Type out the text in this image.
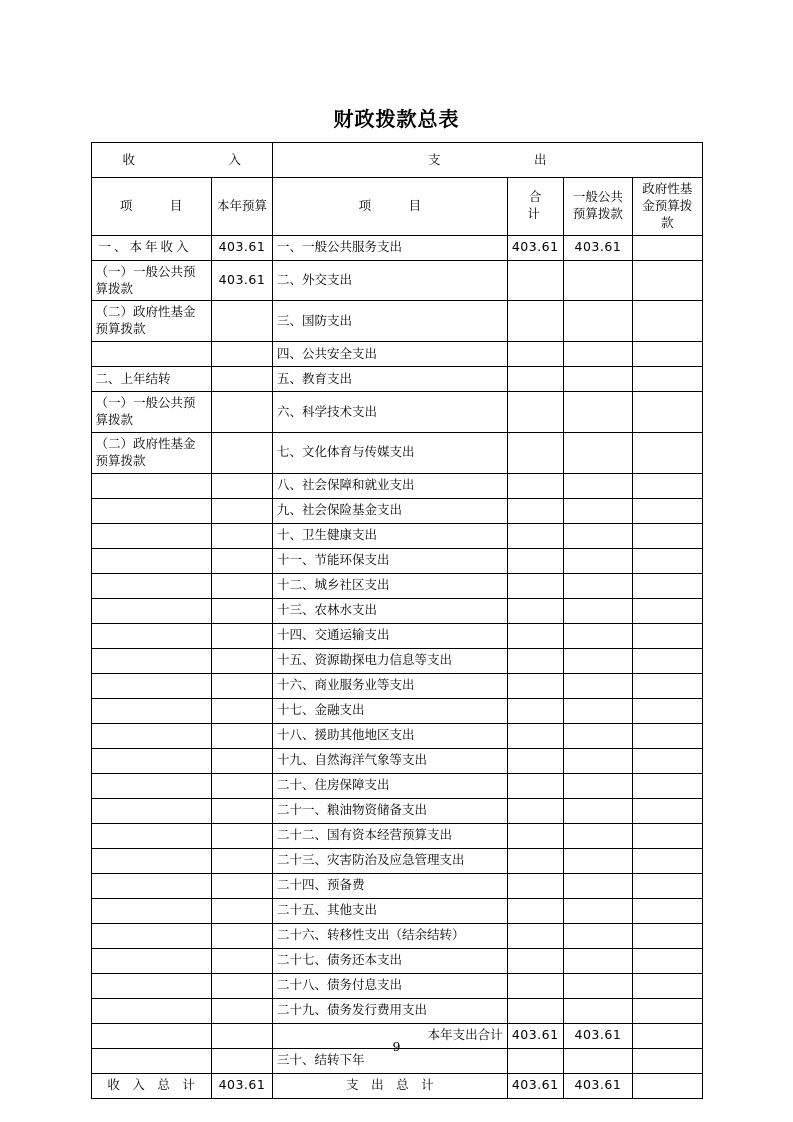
财政拨款总表
收　　　入		支　　　出			
项　　　目	本年预算	项　　　目	合　计	一般公共预算拨款	政府性基金预算拨款
一、本年收入	403.61	一、一般公共服务支出	403.61	403.61	
（一）一般公共预算拨款	403.61	二、外交支出			
（二）政府性基金预算拨款		三、国防支出			
		四、公共安全支出			
二、上年结转		五、教育支出			
（一）一般公共预算拨款		六、科学技术支出			
（二）政府性基金预算拨款		七、文化体育与传媒支出			
		八、社会保障和就业支出			
		九、社会保险基金支出			
		十、卫生健康支出			
		十一、节能环保支出			
		十二、城乡社区支出			
		十三、农林水支出			
		十四、交通运输支出			
		十五、资源勘探电力信息等支出			
		十六、商业服务业等支出			
		十七、金融支出			
		十八、援助其他地区支出			
		十九、自然海洋气象等支出			
		二十、住房保障支出			
		二十一、粮油物资储备支出			
		二十二、国有资本经营预算支出			
		二十三、灾害防治及应急管理支出			
		二十四、预备费			
		二十五、其他支出			
		二十六、转移性支出（结余结转）			
		二十七、债务还本支出			
		二十八、债务付息支出			
		二十九、债务发行费用支出			
		本年支出合计	403.61	403.61	
		三十、结转下年			
收　入　总　计	403.61	支　出　总　计	403.61	403.61	
9
